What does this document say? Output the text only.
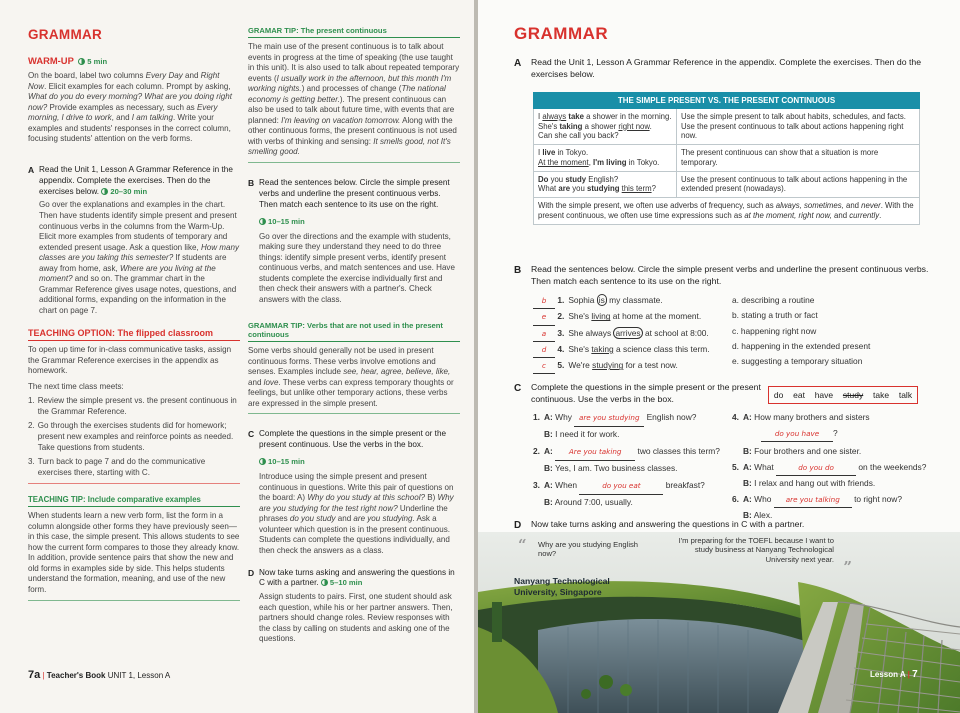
GRAMMAR
WARM-UP 5 min

On the board, label two columns Every Day and Right Now. Elicit examples for each column. Prompt by asking, What do you do every morning? What are you doing right now? Provide examples as necessary, such as Every morning, I drive to work, and I am talking. Write your examples and students' responses in the correct column, focusing students' attention on the verb forms.

A Read the Unit 1, Lesson A Grammar Reference in the appendix. Complete the exercises. Then do the exercises below. 20–30 min

Go over the explanations and examples in the chart. Then have students identify simple present and present continuous verbs in the columns from the Warm-Up. Elicit more examples from students of temporary and extended present usage. Ask a question like, How many classes are you taking this semester? If students are away from home, ask, Where are you living at the moment? and so on. The grammar chart in the Grammar Reference gives usage notes, questions, and additional forms, expanding on the information in the chart on page 7.

TEACHING OPTION: The flipped classroom

To open up time for in-class communicative tasks, assign the Grammar Reference exercises in the appendix as homework.

The next time class meets:

1. Review the simple present vs. the present continuous in the Grammar Reference.
2. Go through the exercises students did for homework; present new examples and reinforce points as needed. Take questions from students.
3. Turn back to page 7 and do the communicative exercises there, starting with C.
TEACHING TIP: Include comparative examples

When students learn a new verb form, list the form in a column alongside other forms they have previously seen—in this case, the simple present. This allows students to see how the current form compares to those they already know. In addition, provide sentence pairs that show the new and old forms in examples side by side. This helps students understand the formation, meaning, and use of the new form.

GRAMAR TIP: The present continuous

The main use of the present continuous is to talk about events in progress at the time of speaking (the use taught in this unit). It is also used to talk about repeated temporary events (I usually work in the afternoon, but this month I'm working nights.) and processes of change (The national economy is getting better.). The present continuous can also be used to talk about future time, with events that are planned: I'm leaving on vacation tomorrow. Along with the other continuous forms, the present continuous is not used with verbs of thinking and sensing: It smells good, not It's smelling good.

B Read the sentences below. Circle the simple present verbs and underline the present continuous verbs. Then match each sentence to its use on the right.

10–15 min

Go over the directions and the example with students, making sure they understand they need to do three things: identify simple present verbs, identify present continuous verbs, and match sentences and use. Have students complete the exercise individually first and then check their answers with a partner's. Check answers with the class.

GRAMMAR TIP: Verbs that are not used in the present continuous

Some verbs should generally not be used in present continuous forms. These verbs involve emotions and senses. Examples include see, hear, agree, believe, like, and love. These verbs can express temporary thoughts or feelings, but unlike other temporary actions, these verbs are expressed in the simple present.

C Complete the questions in the simple present or the present continuous. Use the verbs in the box.

10–15 min

Introduce using the simple present and present continuous in questions. Write this pair of questions on the board: A) Why do you study at this school? B) Why are you studying for the test right now? Underline the phrases do you study and are you studying. Ask a volunteer which question is in the present continuous. Students can complete the questions individually, and then check the answers as a class.

D Now take turns asking and answering the questions in C with a partner. 5–10 min

Assign students to pairs. First, one student should ask each question, while his or her partner answers. Then, partners should change roles. Review responses with the class by calling on students and asking one of the questions.

7a | Teacher's Book UNIT 1, Lesson A
GRAMMAR
A	Read the Unit 1, Lesson A Grammar Reference in the appendix. Complete the exercises. Then do the exercises below.
THE SIMPLE PRESENT VS. THE PRESENT CONTINUOUS	
I always take a shower in the morning.
She's taking a shower right now.
Can she call you back?	Use the simple present to talk about habits, schedules, and facts.
Use the present continuous to talk about actions happening right now.
I live in Tokyo.
At the moment, I'm living in Tokyo.	The present continuous can show that a situation is more temporary.
Do you study English?
What are you studying this term?	Use the present continuous to talk about actions happening in the extended present (nowadays).
With the simple present, we often use adverbs of frequency, such as always, sometimes, and never. With the present continuous, we often use time expressions such as at the moment, right now, and currently.	
B	Read the sentences below. Circle the simple present verbs and underline the present continuous verbs. Then match each sentence to its use on the right.
b 1. Sophia is my classmate.
e 2. She's living at home at the moment.
a 3. She always arrives at school at 8:00.
d 4. She's taking a science class this term.
c 5. We're studying for a test now.
a. describing a routine
b. stating a truth or fact
c. happening right now
d. happening in the extended present
e. suggesting a temporary situation
C	Complete the questions in the simple present or the present continuous. Use the verbs in the box.	do eat have study take talk
1. A: Why are you studying English now?
B: I need it for work.
2. A: Are you taking two classes this term?
B: Yes, I am. Two business classes.
3. A: When	do you eat	breakfast?
B: Around 7:00, usually.
4. A: How many brothers and sisters
do you have ?
B: Four brothers and one sister.
5. A: What	do you do	on the weekends?
B: I relax and hang out with friends.
6. A: Who are you talking to right now?
B: Alex.
D	Now take turns asking and answering the questions in C with a partner.
“ Why are you studying English now?
I'm preparing for the TOEFL because I want to study business at Nanyang Technological University next year. ”
Nanyang Technological University, Singapore
Lesson A | 7
